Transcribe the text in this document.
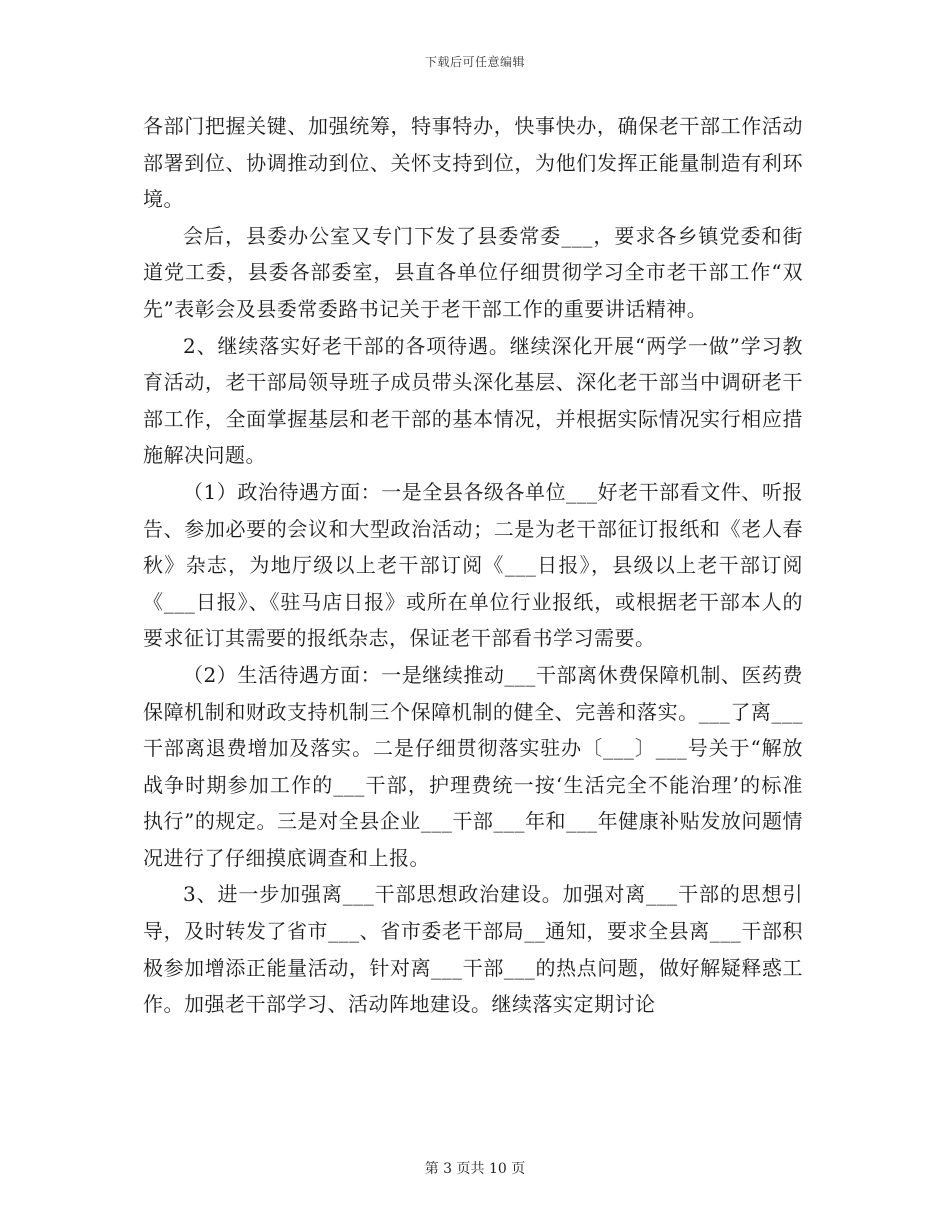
下载后可任意编辑

各部门把握关键、加强统筹，特事特办，快事快办，确保老干部工作活动部署到位、协调推动到位、关怀支持到位，为他们发挥正能量制造有利环境。

会后，县委办公室又专门下发了县委常委___，要求各乡镇党委和街道党工委，县委各部委室，县直各单位仔细贯彻学习全市老干部工作“双先”表彰会及县委常委路书记关于老干部工作的重要讲话精神。

2、继续落实好老干部的各项待遇。继续深化开展“两学一做”学习教育活动，老干部局领导班子成员带头深化基层、深化老干部当中调研老干部工作，全面掌握基层和老干部的基本情况，并根据实际情况实行相应措施解决问题。

（1）政治待遇方面：一是全县各级各单位___好老干部看文件、听报告、参加必要的会议和大型政治活动；二是为老干部征订报纸和《老人春秋》杂志，为地厅级以上老干部订阅《___日报》，县级以上老干部订阅《___日报》、《驻马店日报》或所在单位行业报纸，或根据老干部本人的要求征订其需要的报纸杂志，保证老干部看书学习需要。

（2）生活待遇方面：一是继续推动___干部离休费保障机制、医药费保障机制和财政支持机制三个保障机制的健全、完善和落实。___了离___干部离退费增加及落实。二是仔细贯彻落实驻办〔___〕___号关于“解放战争时期参加工作的___干部，护理费统一按‘生活完全不能治理’的标准执行”的规定。三是对全县企业___干部___年和___年健康补贴发放问题情况进行了仔细摸底调查和上报。

3、进一步加强离___干部思想政治建设。加强对离___干部的思想引导，及时转发了省市___、省市委老干部局__通知，要求全县离___干部积极参加增添正能量活动，针对离___干部___的热点问题，做好解疑释惑工作。加强老干部学习、活动阵地建设。继续落实定期讨论

第 3 页共 10 页
